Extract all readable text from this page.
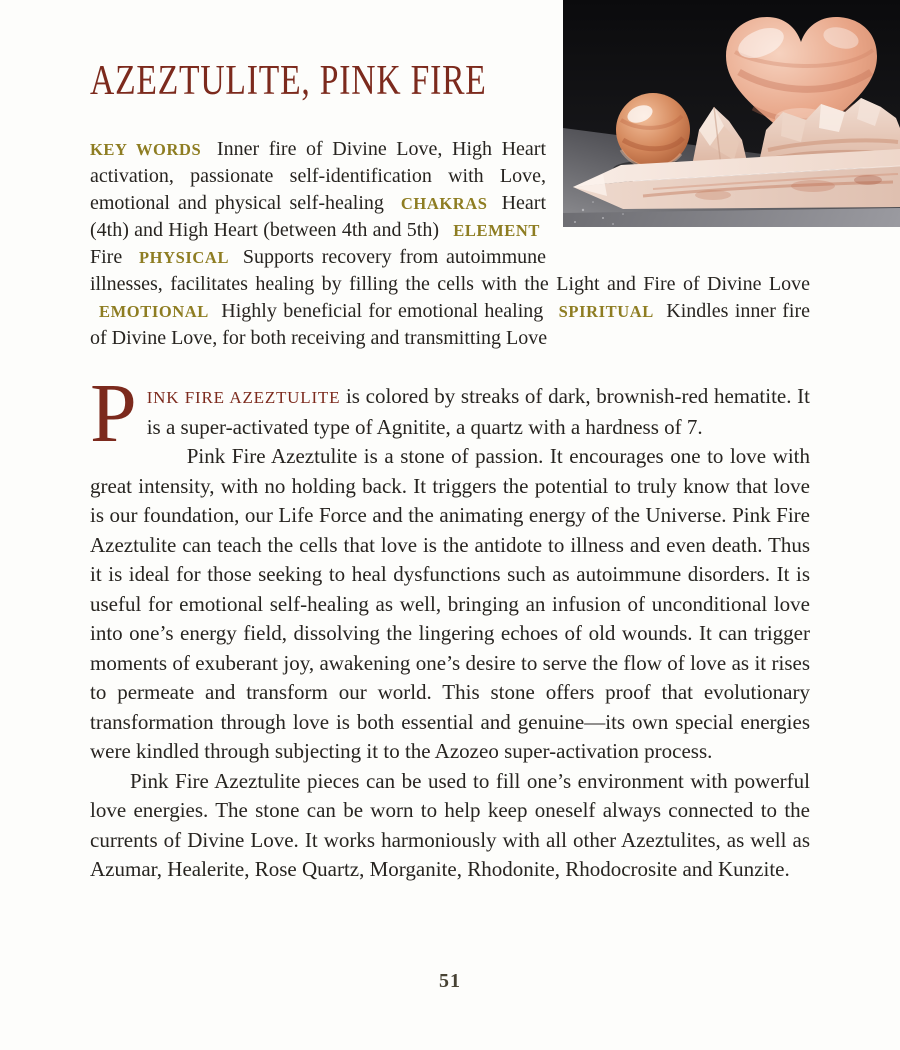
AZEZTULITE, PINK FIRE

KEY WORDS Inner fire of Divine Love, High Heart activation, passionate self-identification with Love, emotional and physical self-healing CHAKRAS Heart (4th) and High Heart (between 4th and 5th) ELEMENT Fire PHYSICAL Supports recovery from autoimmune illnesses, facilitates healing by filling the cells with the Light and Fire of Divine Love EMOTIONAL Highly beneficial for emotional healing SPIRITUAL Kindles inner fire of Divine Love, for both receiving and transmitting Love

PINK FIRE AZEZTULITE is colored by streaks of dark, brownish-red hematite. It is a super-activated type of Agnitite, a quartz with a hardness of 7.

Pink Fire Azeztulite is a stone of passion. It encourages one to love with great intensity, with no holding back. It triggers the potential to truly know that love is our foundation, our Life Force and the animating energy of the Universe. Pink Fire Azeztulite can teach the cells that love is the antidote to illness and even death. Thus it is ideal for those seeking to heal dysfunctions such as autoimmune disorders. It is useful for emotional self-healing as well, bringing an infusion of unconditional love into one’s energy field, dissolving the lingering echoes of old wounds. It can trigger moments of exuberant joy, awakening one’s desire to serve the flow of love as it rises to permeate and transform our world. This stone offers proof that evolutionary transformation through love is both essential and genuine—its own special energies were kindled through subjecting it to the Azozeo super-activation process.

Pink Fire Azeztulite pieces can be used to fill one’s environment with powerful love energies. The stone can be worn to help keep oneself always connected to the currents of Divine Love. It works harmoniously with all other Azeztulites, as well as Azumar, Healerite, Rose Quartz, Morganite, Rhodonite, Rhodocrosite and Kunzite.

51
